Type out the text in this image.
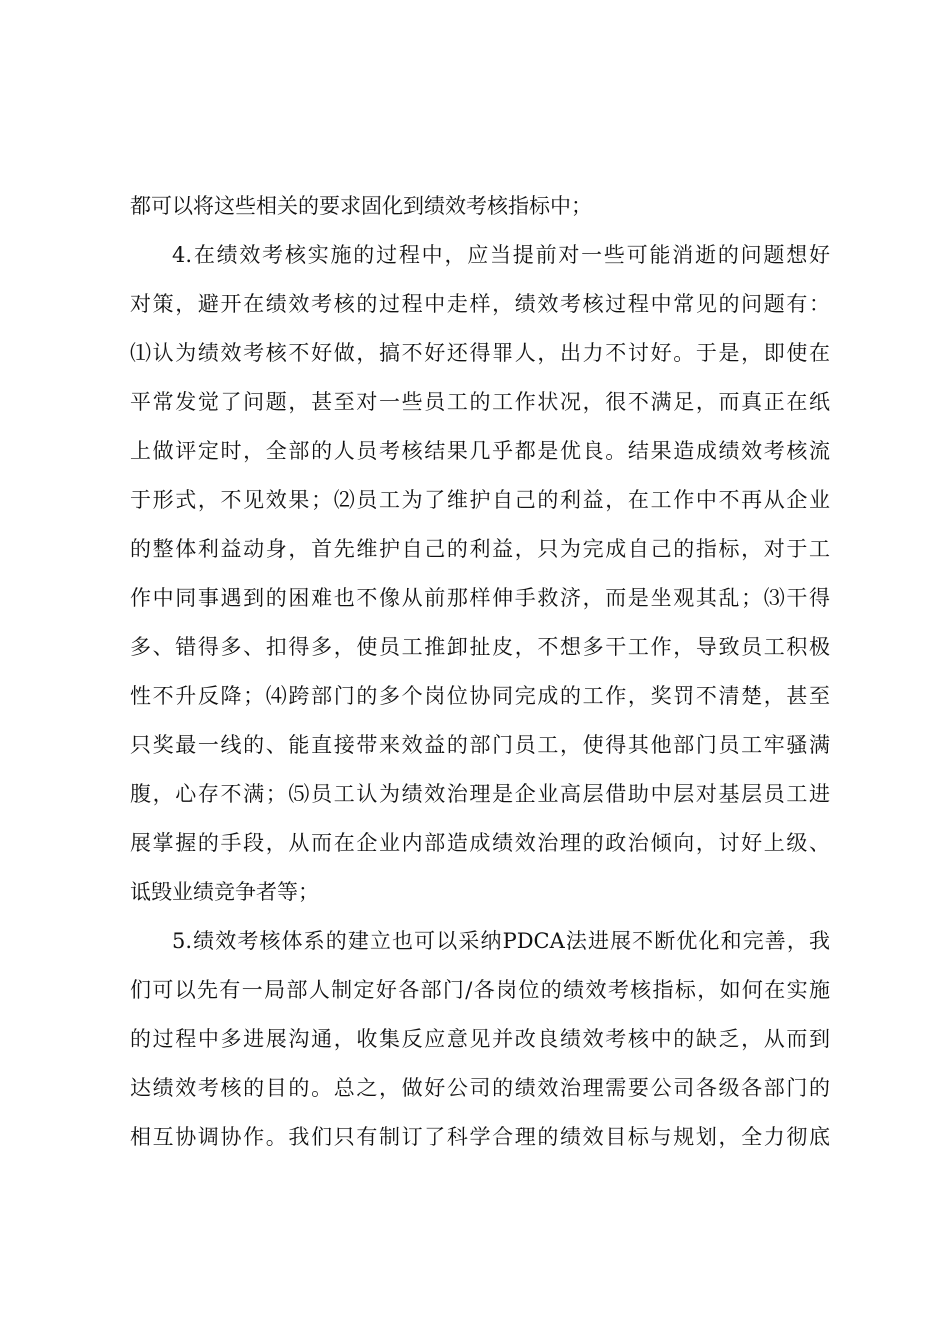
都可以将这些相关的要求固化到绩效考核指标中；
4.在绩效考核实施的过程中，应当提前对一些可能消逝的问题想好
对策，避开在绩效考核的过程中走样，绩效考核过程中常见的问题有：
⑴认为绩效考核不好做，搞不好还得罪人，出力不讨好。于是，即使在
平常发觉了问题，甚至对一些员工的工作状况，很不满足，而真正在纸
上做评定时，全部的人员考核结果几乎都是优良。结果造成绩效考核流
于形式，不见效果；⑵员工为了维护自己的利益，在工作中不再从企业
的整体利益动身，首先维护自己的利益，只为完成自己的指标，对于工
作中同事遇到的困难也不像从前那样伸手救济，而是坐观其乱；⑶干得
多、错得多、扣得多，使员工推卸扯皮，不想多干工作，导致员工积极
性不升反降；⑷跨部门的多个岗位协同完成的工作，奖罚不清楚，甚至
只奖最一线的、能直接带来效益的部门员工，使得其他部门员工牢骚满
腹，心存不满；⑸员工认为绩效治理是企业高层借助中层对基层员工进
展掌握的手段，从而在企业内部造成绩效治理的政治倾向，讨好上级、
诋毁业绩竞争者等；
5.绩效考核体系的建立也可以采纳PDCA法进展不断优化和完善，我
们可以先有一局部人制定好各部门/各岗位的绩效考核指标，如何在实施
的过程中多进展沟通，收集反应意见并改良绩效考核中的缺乏，从而到
达绩效考核的目的。总之，做好公司的绩效治理需要公司各级各部门的
相互协调协作。我们只有制订了科学合理的绩效目标与规划，全力彻底
